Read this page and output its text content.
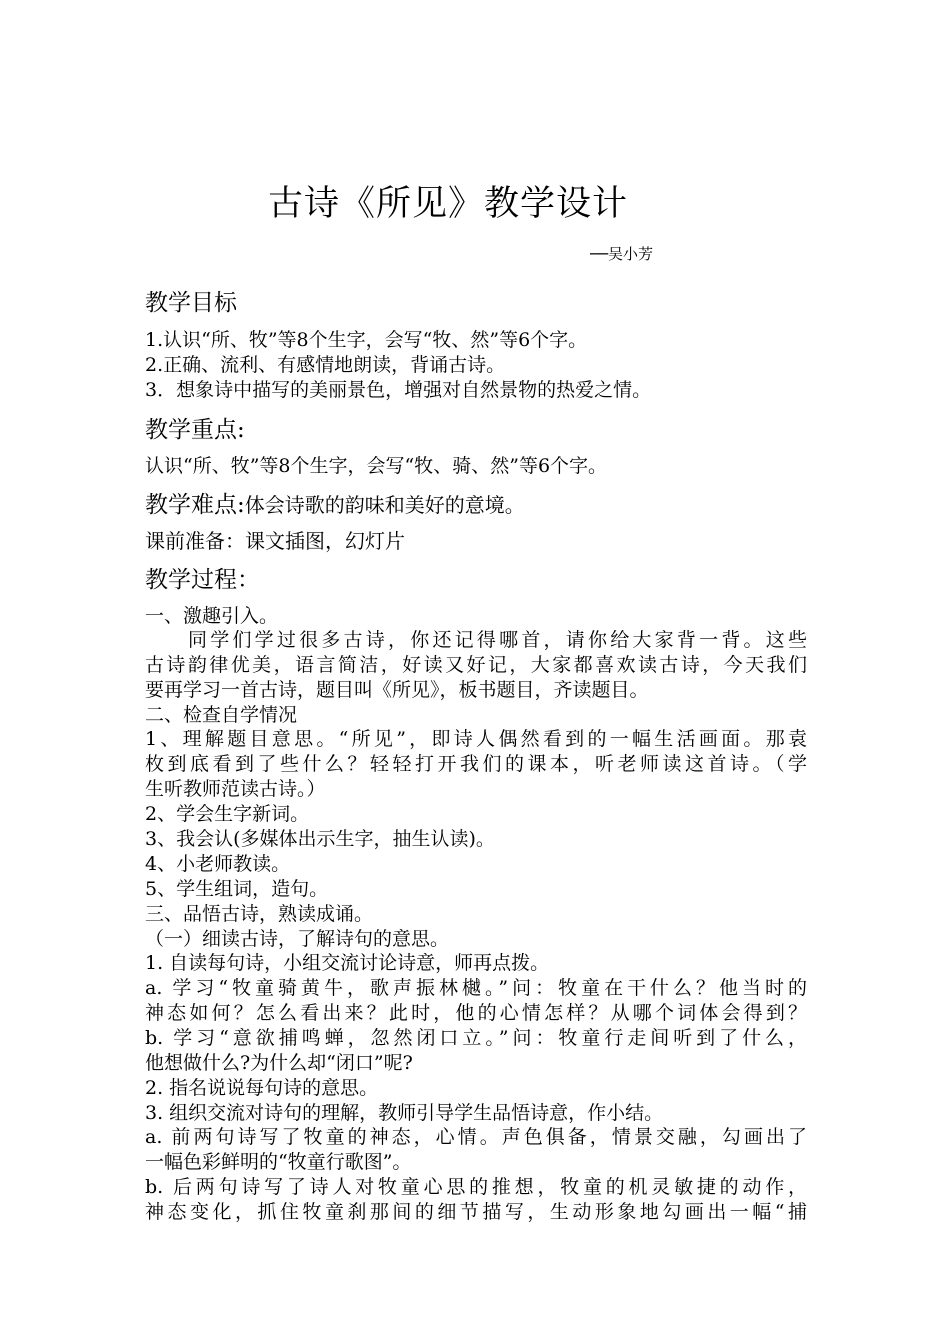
古诗《所见》教学设计
──吴小芳
教学目标
1.认识“所、牧”等8个生字，会写“牧、然”等6个字。
2.正确、流利、有感情地朗读，背诵古诗。
3．想象诗中描写的美丽景色，增强对自然景物的热爱之情。
教学重点:
认识“所、牧”等8个生字，会写“牧、骑、然”等6个字。
教学难点:体会诗歌的韵味和美好的意境。
课前准备：课文插图，幻灯片
教学过程：
一、激趣引入。
同学们学过很多古诗，你还记得哪首，请你给大家背一背。这些
古诗韵律优美，语言简洁，好读又好记，大家都喜欢读古诗，今天我们
要再学习一首古诗，题目叫《所见》，板书题目，齐读题目。
二、检查自学情况
1、理解题目意思。“所见”，即诗人偶然看到的一幅生活画面。那袁
枚到底看到了些什么？轻轻打开我们的课本，听老师读这首诗。（学
生听教师范读古诗。）
2、学会生字新词。
3、我会认(多媒体出示生字，抽生认读)。
4、小老师教读。
5、学生组词，造句。
三、品悟古诗，熟读成诵。
（一）细读古诗，了解诗句的意思。
1. 自读每句诗，小组交流讨论诗意，师再点拨。
a. 学习“牧童骑黄牛，歌声振林樾。”问：牧童在干什么？他当时的
神态如何？怎么看出来？此时，他的心情怎样？从哪个词体会得到？
b. 学习“意欲捕鸣蝉，忽然闭口立。”问：牧童行走间听到了什么，
他想做什么?为什么却“闭口”呢?
2. 指名说说每句诗的意思。
3. 组织交流对诗句的理解，教师引导学生品悟诗意，作小结。
a. 前两句诗写了牧童的神态，心情。声色俱备，情景交融，勾画出了
一幅色彩鲜明的“牧童行歌图”。
b. 后两句诗写了诗人对牧童心思的推想，牧童的机灵敏捷的动作，
神态变化，抓住牧童刹那间的细节描写，生动形象地勾画出一幅“捕
